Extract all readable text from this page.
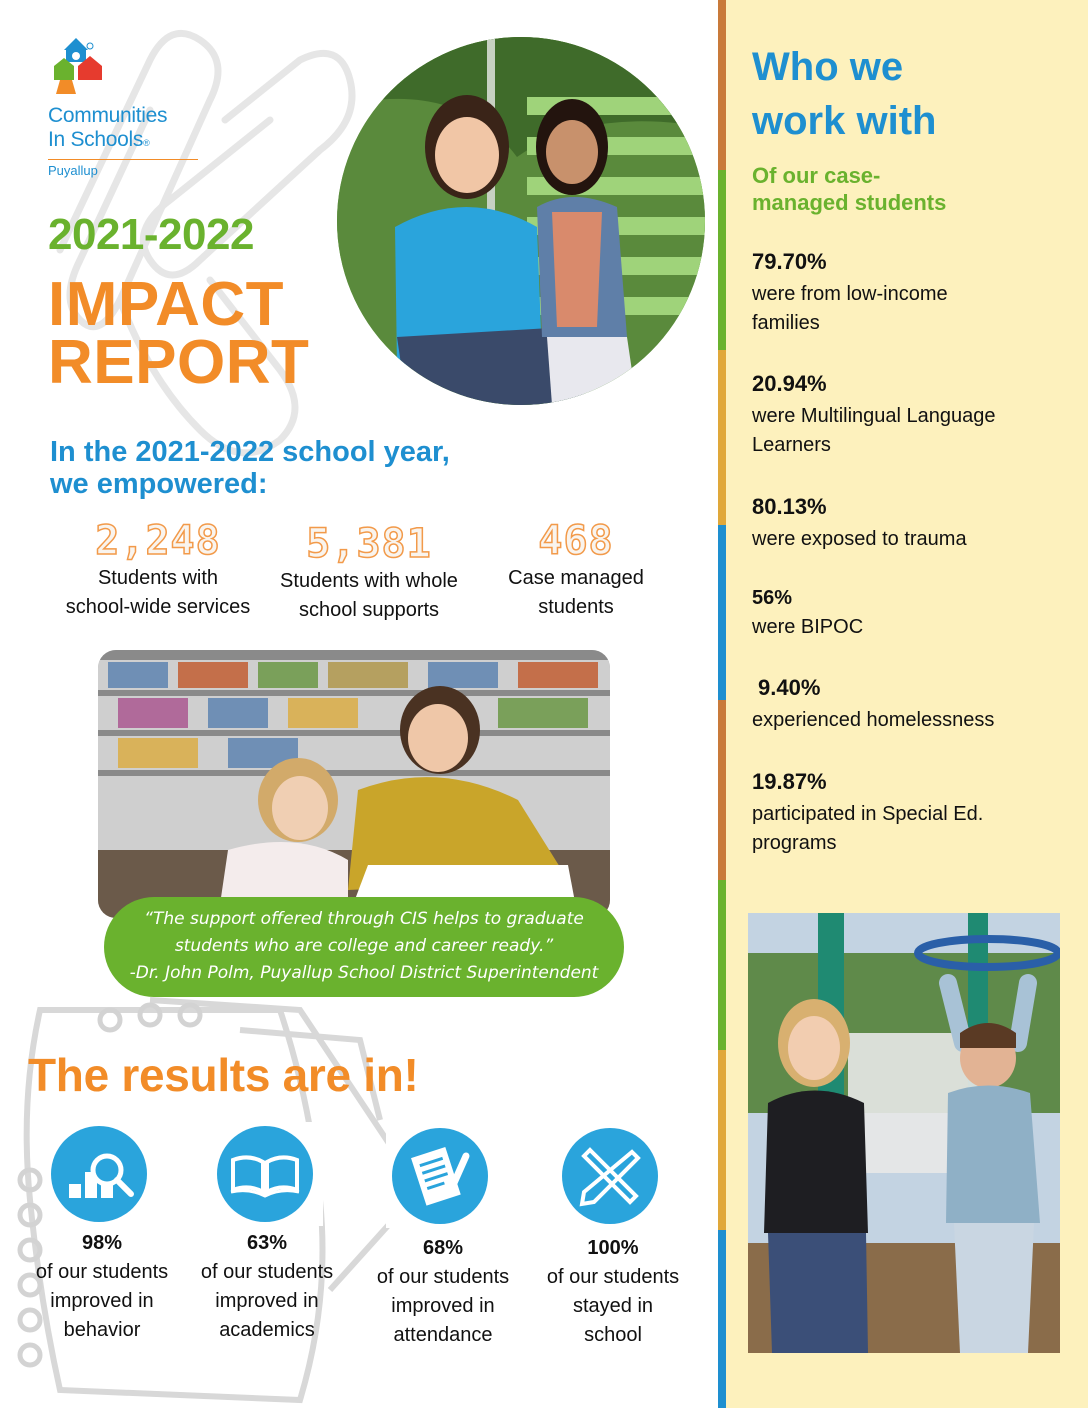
Communities
In Schools®
Puyallup
2021-2022
IMPACT
REPORT
In the 2021-2022 school year, we empowered:
2,248
Students with
school-wide services
5,381
Students with whole
school supports
468
Case managed
students
“The support offered through CIS helps to graduate
students who are college and career ready.”
-Dr. John Polm, Puyallup School District Superintendent
The results are in!
98%
of our students
improved in
behavior
63%
of our students
improved in
academics
68%
of our students
improved in
attendance
100%
of our students
stayed in
school
Who we
work with
Of our case-
managed students
79.70%
were from low-income
families
20.94%
were Multilingual Language
Learners
80.13%
were exposed to trauma
56%
were BIPOC
9.40%
experienced homelessness
19.87%
participated in Special Ed.
programs
